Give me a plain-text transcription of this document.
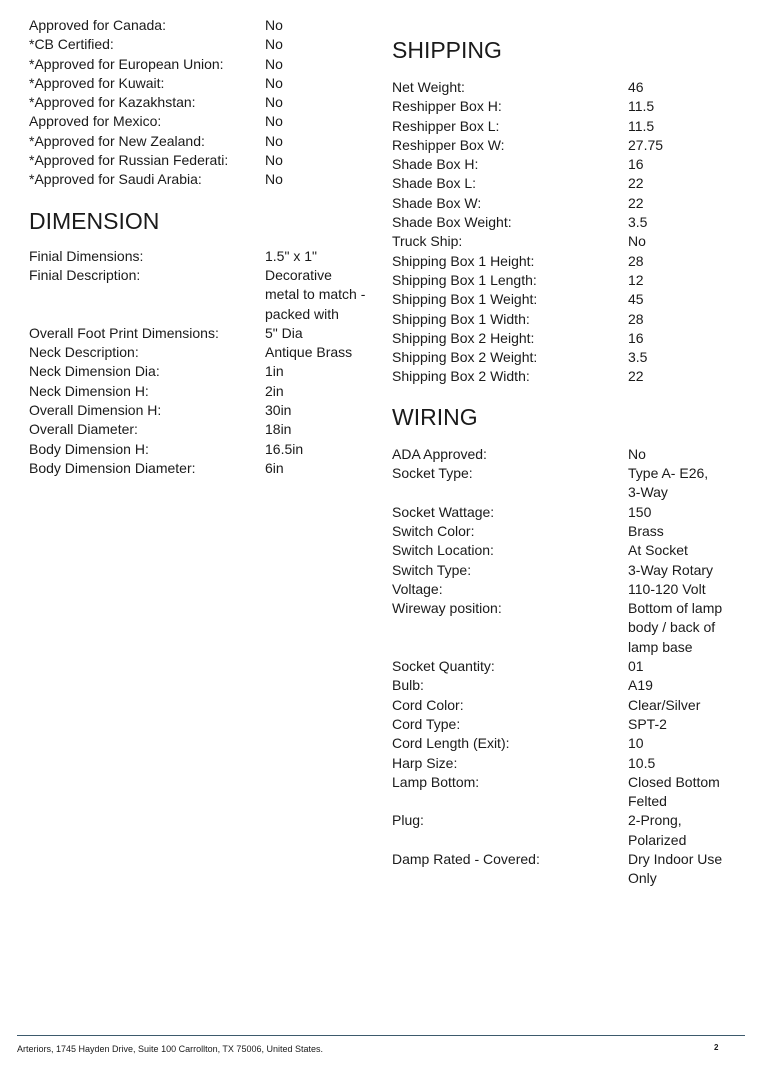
Approved for Canada:	No
*CB Certified:	No
*Approved for European Union:	No
*Approved for Kuwait:	No
*Approved for Kazakhstan:	No
Approved for Mexico:	No
*Approved for New Zealand:	No
*Approved for Russian Federati:	No
*Approved for Saudi Arabia:	No
DIMENSION
Finial Dimensions:	1.5" x 1"
Finial Description:	Decorative
metal to match -
packed with
Overall Foot Print Dimensions:	5" Dia
Neck Description:	Antique Brass
Neck Dimension Dia:	1in
Neck Dimension H:	2in
Overall Dimension H:	30in
Overall Diameter:	18in
Body Dimension H:	16.5in
Body Dimension Diameter:	6in
SHIPPING
Net Weight:	46
Reshipper Box H:	11.5
Reshipper Box L:	11.5
Reshipper Box W:	27.75
Shade Box H:	16
Shade Box L:	22
Shade Box W:	22
Shade Box Weight:	3.5
Truck Ship:	No
Shipping Box 1 Height:	28
Shipping Box 1 Length:	12
Shipping Box 1 Weight:	45
Shipping Box 1 Width:	28
Shipping Box 2 Height:	16
Shipping Box 2 Weight:	3.5
Shipping Box 2 Width:	22
WIRING
ADA Approved:	No
Socket Type:	Type A- E26,
3-Way
Socket Wattage:	150
Switch Color:	Brass
Switch Location:	At Socket
Switch Type:	3-Way Rotary
Voltage:	110-120 Volt
Wireway position:	Bottom of lamp
body / back of
lamp base
Socket Quantity:	01
Bulb:	A19
Cord Color:	Clear/Silver
Cord Type:	SPT-2
Cord Length (Exit):	10
Harp Size:	10.5
Lamp Bottom:	Closed Bottom
Felted
Plug:	2-Prong,
Polarized
Damp Rated - Covered:	Dry Indoor Use
Only
Arteriors, 1745 Hayden Drive, Suite 100 Carrollton, TX 75006, United States.	2
